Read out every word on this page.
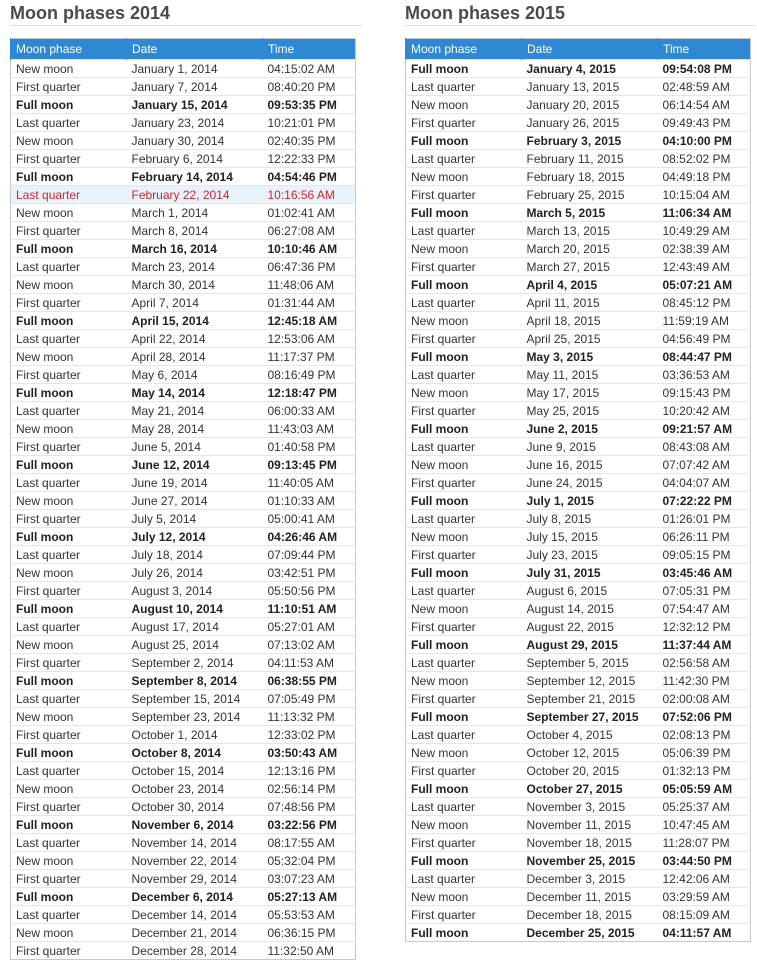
Moon phases 2014
Moon phase	Date	Time
New moon	January 1, 2014	04:15:02 AM
First quarter	January 7, 2014	08:40:20 PM
Full moon	January 15, 2014	09:53:35 PM
Last quarter	January 23, 2014	10:21:01 PM
New moon	January 30, 2014	02:40:35 PM
First quarter	February 6, 2014	12:22:33 PM
Full moon	February 14, 2014	04:54:46 PM
Last quarter	February 22, 2014	10:16:56 AM
New moon	March 1, 2014	01:02:41 AM
First quarter	March 8, 2014	06:27:08 AM
Full moon	March 16, 2014	10:10:46 AM
Last quarter	March 23, 2014	06:47:36 PM
New moon	March 30, 2014	11:48:06 AM
First quarter	April 7, 2014	01:31:44 AM
Full moon	April 15, 2014	12:45:18 AM
Last quarter	April 22, 2014	12:53:06 AM
New moon	April 28, 2014	11:17:37 PM
First quarter	May 6, 2014	08:16:49 PM
Full moon	May 14, 2014	12:18:47 PM
Last quarter	May 21, 2014	06:00:33 AM
New moon	May 28, 2014	11:43:03 AM
First quarter	June 5, 2014	01:40:58 PM
Full moon	June 12, 2014	09:13:45 PM
Last quarter	June 19, 2014	11:40:05 AM
New moon	June 27, 2014	01:10:33 AM
First quarter	July 5, 2014	05:00:41 AM
Full moon	July 12, 2014	04:26:46 AM
Last quarter	July 18, 2014	07:09:44 PM
New moon	July 26, 2014	03:42:51 PM
First quarter	August 3, 2014	05:50:56 PM
Full moon	August 10, 2014	11:10:51 AM
Last quarter	August 17, 2014	05:27:01 AM
New moon	August 25, 2014	07:13:02 AM
First quarter	September 2, 2014	04:11:53 AM
Full moon	September 8, 2014	06:38:55 PM
Last quarter	September 15, 2014	07:05:49 PM
New moon	September 23, 2014	11:13:32 PM
First quarter	October 1, 2014	12:33:02 PM
Full moon	October 8, 2014	03:50:43 AM
Last quarter	October 15, 2014	12:13:16 PM
New moon	October 23, 2014	02:56:14 PM
First quarter	October 30, 2014	07:48:56 PM
Full moon	November 6, 2014	03:22:56 PM
Last quarter	November 14, 2014	08:17:55 AM
New moon	November 22, 2014	05:32:04 PM
First quarter	November 29, 2014	03:07:23 AM
Full moon	December 6, 2014	05:27:13 AM
Last quarter	December 14, 2014	05:53:53 AM
New moon	December 21, 2014	06:36:15 PM
First quarter	December 28, 2014	11:32:50 AM
Moon phases 2015
Moon phase	Date	Time
Full moon	January 4, 2015	09:54:08 PM
Last quarter	January 13, 2015	02:48:59 AM
New moon	January 20, 2015	06:14:54 AM
First quarter	January 26, 2015	09:49:43 PM
Full moon	February 3, 2015	04:10:00 PM
Last quarter	February 11, 2015	08:52:02 PM
New moon	February 18, 2015	04:49:18 PM
First quarter	February 25, 2015	10:15:04 AM
Full moon	March 5, 2015	11:06:34 AM
Last quarter	March 13, 2015	10:49:29 AM
New moon	March 20, 2015	02:38:39 AM
First quarter	March 27, 2015	12:43:49 AM
Full moon	April 4, 2015	05:07:21 AM
Last quarter	April 11, 2015	08:45:12 PM
New moon	April 18, 2015	11:59:19 AM
First quarter	April 25, 2015	04:56:49 PM
Full moon	May 3, 2015	08:44:47 PM
Last quarter	May 11, 2015	03:36:53 AM
New moon	May 17, 2015	09:15:43 PM
First quarter	May 25, 2015	10:20:42 AM
Full moon	June 2, 2015	09:21:57 AM
Last quarter	June 9, 2015	08:43:08 AM
New moon	June 16, 2015	07:07:42 AM
First quarter	June 24, 2015	04:04:07 AM
Full moon	July 1, 2015	07:22:22 PM
Last quarter	July 8, 2015	01:26:01 PM
New moon	July 15, 2015	06:26:11 PM
First quarter	July 23, 2015	09:05:15 PM
Full moon	July 31, 2015	03:45:46 AM
Last quarter	August 6, 2015	07:05:31 PM
New moon	August 14, 2015	07:54:47 AM
First quarter	August 22, 2015	12:32:12 PM
Full moon	August 29, 2015	11:37:44 AM
Last quarter	September 5, 2015	02:56:58 AM
New moon	September 12, 2015	11:42:30 PM
First quarter	September 21, 2015	02:00:08 AM
Full moon	September 27, 2015	07:52:06 PM
Last quarter	October 4, 2015	02:08:13 PM
New moon	October 12, 2015	05:06:39 PM
First quarter	October 20, 2015	01:32:13 PM
Full moon	October 27, 2015	05:05:59 AM
Last quarter	November 3, 2015	05:25:37 AM
New moon	November 11, 2015	10:47:45 AM
First quarter	November 18, 2015	11:28:07 PM
Full moon	November 25, 2015	03:44:50 PM
Last quarter	December 3, 2015	12:42:06 AM
New moon	December 11, 2015	03:29:59 AM
First quarter	December 18, 2015	08:15:09 AM
Full moon	December 25, 2015	04:11:57 AM
